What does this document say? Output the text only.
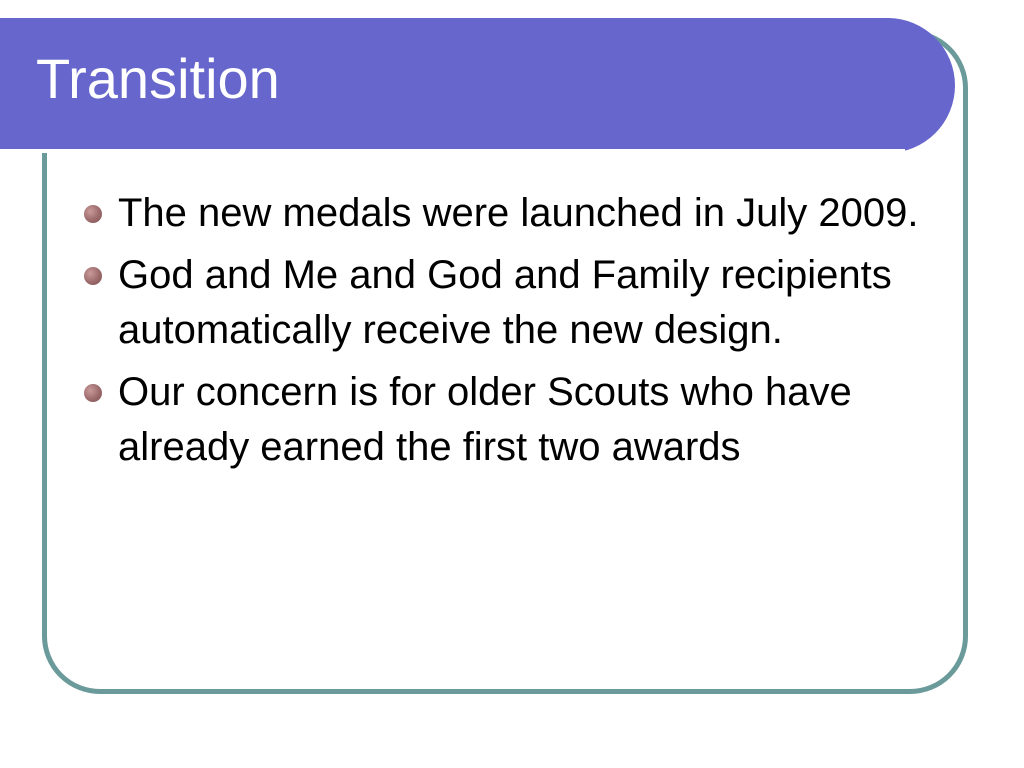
Transition
The new medals were launched in July 2009.
God and Me and God and Family recipients automatically receive the new design.
Our concern is for older Scouts who have already earned the first two awards
